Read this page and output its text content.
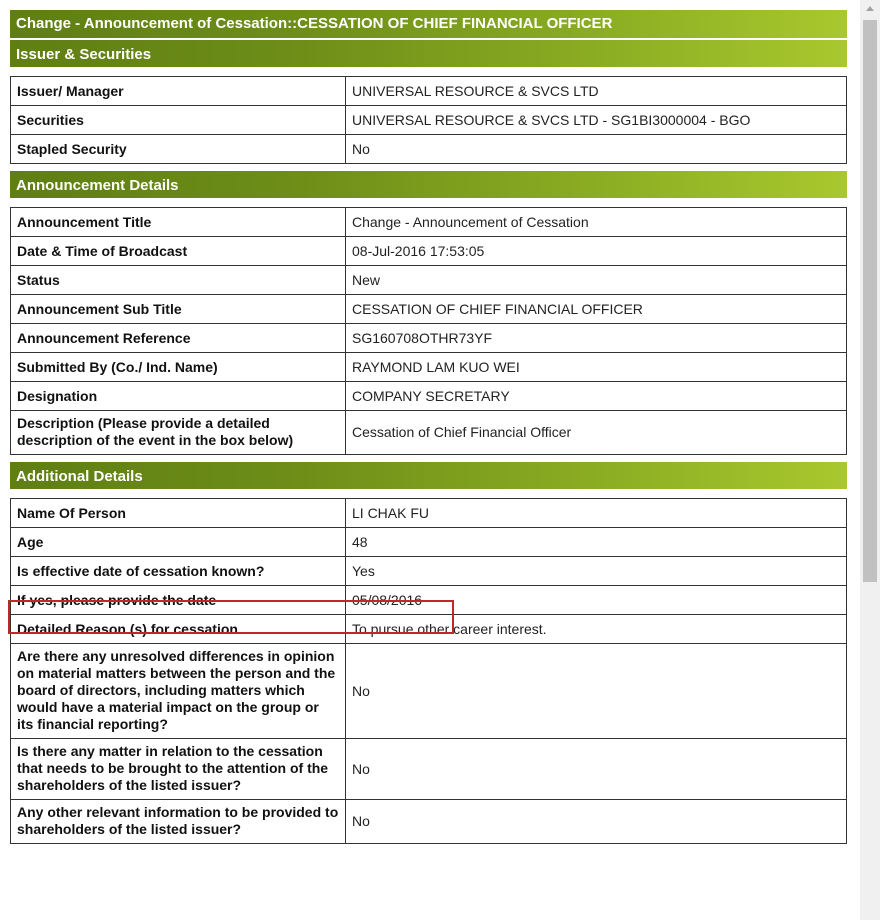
Change - Announcement of Cessation::CESSATION OF CHIEF FINANCIAL OFFICER
Issuer & Securities
Issuer/ Manager	UNIVERSAL RESOURCE & SVCS LTD
Securities	UNIVERSAL RESOURCE & SVCS LTD - SG1BI3000004 - BGO
Stapled Security	No
Announcement Details
Announcement Title	Change - Announcement of Cessation
Date & Time of Broadcast	08-Jul-2016 17:53:05
Status	New
Announcement Sub Title	CESSATION OF CHIEF FINANCIAL OFFICER
Announcement Reference	SG160708OTHR73YF
Submitted By (Co./ Ind. Name)	RAYMOND LAM KUO WEI
Designation	COMPANY SECRETARY
Description (Please provide a detailed description of the event in the box below)	Cessation of Chief Financial Officer
Additional Details
Name Of Person	LI CHAK FU
Age	48
Is effective date of cessation known?	Yes
If yes, please provide the date	05/08/2016
Detailed Reason (s) for cessation	To pursue other career interest.
Are there any unresolved differences in opinion on material matters between the person and the board of directors, including matters which would have a material impact on the group or its financial reporting?	No
Is there any matter in relation to the cessation that needs to be brought to the attention of the shareholders of the listed issuer?	No
Any other relevant information to be provided to shareholders of the listed issuer?	No
